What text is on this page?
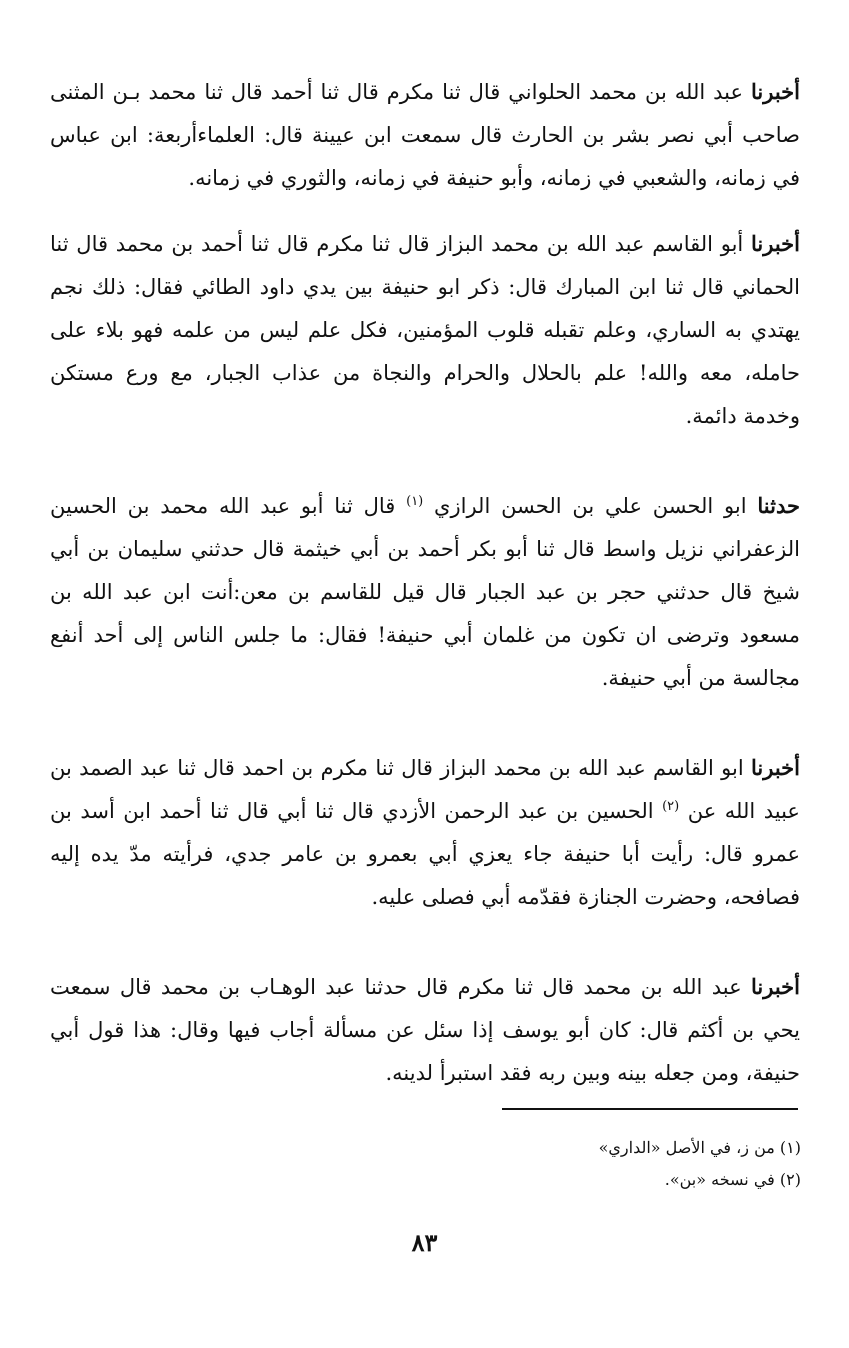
أخبرنا عبد الله بن محمد الحلواني قال ثنا مكرم قال ثنا أحمد قال ثنا محمد بـن المثنى صاحب أبي نصر بشر بن الحارث قال سمعت ابن عيينة قال: العلماءأربعة: ابن عباس في زمانه، والشعبي في زمانه، وأبو حنيفة في زمانه، والثوري في زمانه.

أخبرنا أبو القاسم عبد الله بن محمد البزاز قال ثنا مكرم قال ثنا أحمد بن محمد قال ثنا الحماني قال ثنا ابن المبارك قال: ذكر ابو حنيفة بين يدي داود الطائي فقال: ذلك نجم يهتدي به الساري، وعلم تقبله قلوب المؤمنين، فكل علم ليس من علمه فهو بلاء على حامله، معه والله! علم بالحلال والحرام والنجاة من عذاب الجبار، مع ورع مستكن وخدمة دائمة.

حدثنا ابو الحسن علي بن الحسن الرازي $^{(١)}$ قال ثنا أبو عبد الله محمد بن الحسين الزعفراني نزيل واسط قال ثنا أبو بكر أحمد بن أبي خيثمة قال حدثني سليمان بن أبي شيخ قال حدثني حجر بن عبد الجبار قال قيل للقاسم بن معن:أنت ابن عبد الله بن مسعود وترضى ان تكون من غلمان أبي حنيفة! فقال: ما جلس الناس إلى أحد أنفع مجالسة من أبي حنيفة.

أخبرنا ابو القاسم عبد الله بن محمد البزاز قال ثنا مكرم بن احمد قال ثنا عبد الصمد بن عبيد الله عن $^{(٢)}$ الحسين بن عبد الرحمن الأزدي قال ثنا أبي قال ثنا أحمد ابن أسد بن عمرو قال: رأيت أبا حنيفة جاء يعزي أبي بعمرو بن عامر جدي، فرأيته مدّ يده إليه فصافحه، وحضرت الجنازة فقدّمه أبي فصلى عليه.

أخبرنا عبد الله بن محمد قال ثنا مكرم قال حدثنا عبد الوهـاب بن محمد قال سمعت يحي بن أكثم قال: كان أبو يوسف إذا سئل عن مسألة أجاب فيها وقال: هذا قول أبي حنيفة، ومن جعله بينه وبين ربه فقد استبرأ لدينه.

(١) من ز، في الأصل «الداري»

(٢) في نسخه «بن».

٨٣
